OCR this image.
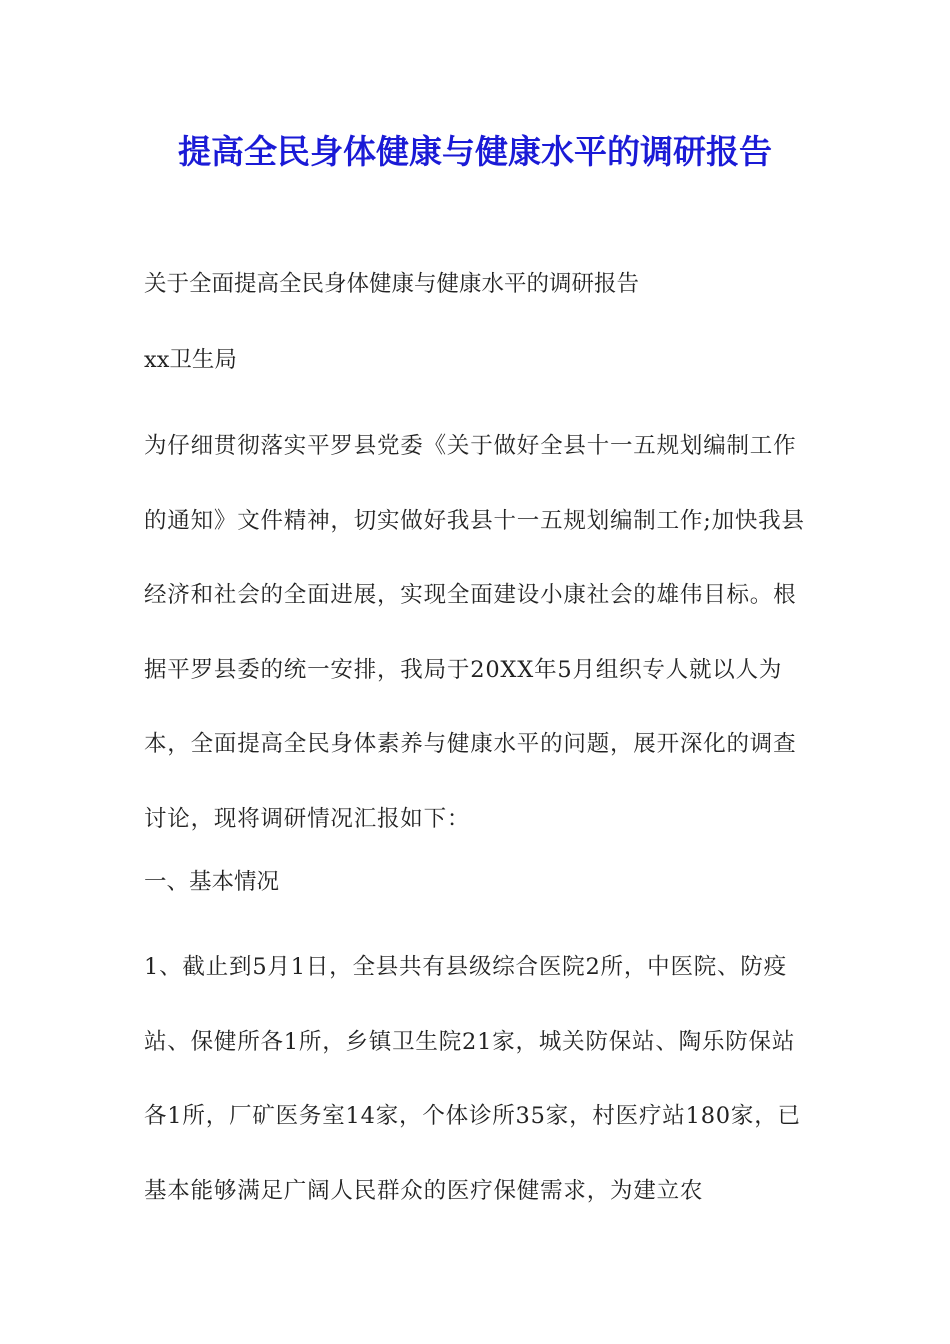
提高全民身体健康与健康水平的调研报告
关于全面提高全民身体健康与健康水平的调研报告
xx卫生局
为仔细贯彻落实平罗县党委《关于做好全县十一五规划编制工作的通知》文件精神，切实做好我县十一五规划编制工作;加快我县经济和社会的全面进展，实现全面建设小康社会的雄伟目标。根据平罗县委的统一安排，我局于20XX年5月组织专人就以人为本，全面提高全民身体素养与健康水平的问题，展开深化的调查讨论，现将调研情况汇报如下：
一、基本情况
1、截止到5月1日，全县共有县级综合医院2所，中医院、防疫站、保健所各1所，乡镇卫生院21家，城关防保站、陶乐防保站各1所，厂矿医务室14家，个体诊所35家，村医疗站180家，已基本能够满足广阔人民群众的医疗保健需求，为建立农
